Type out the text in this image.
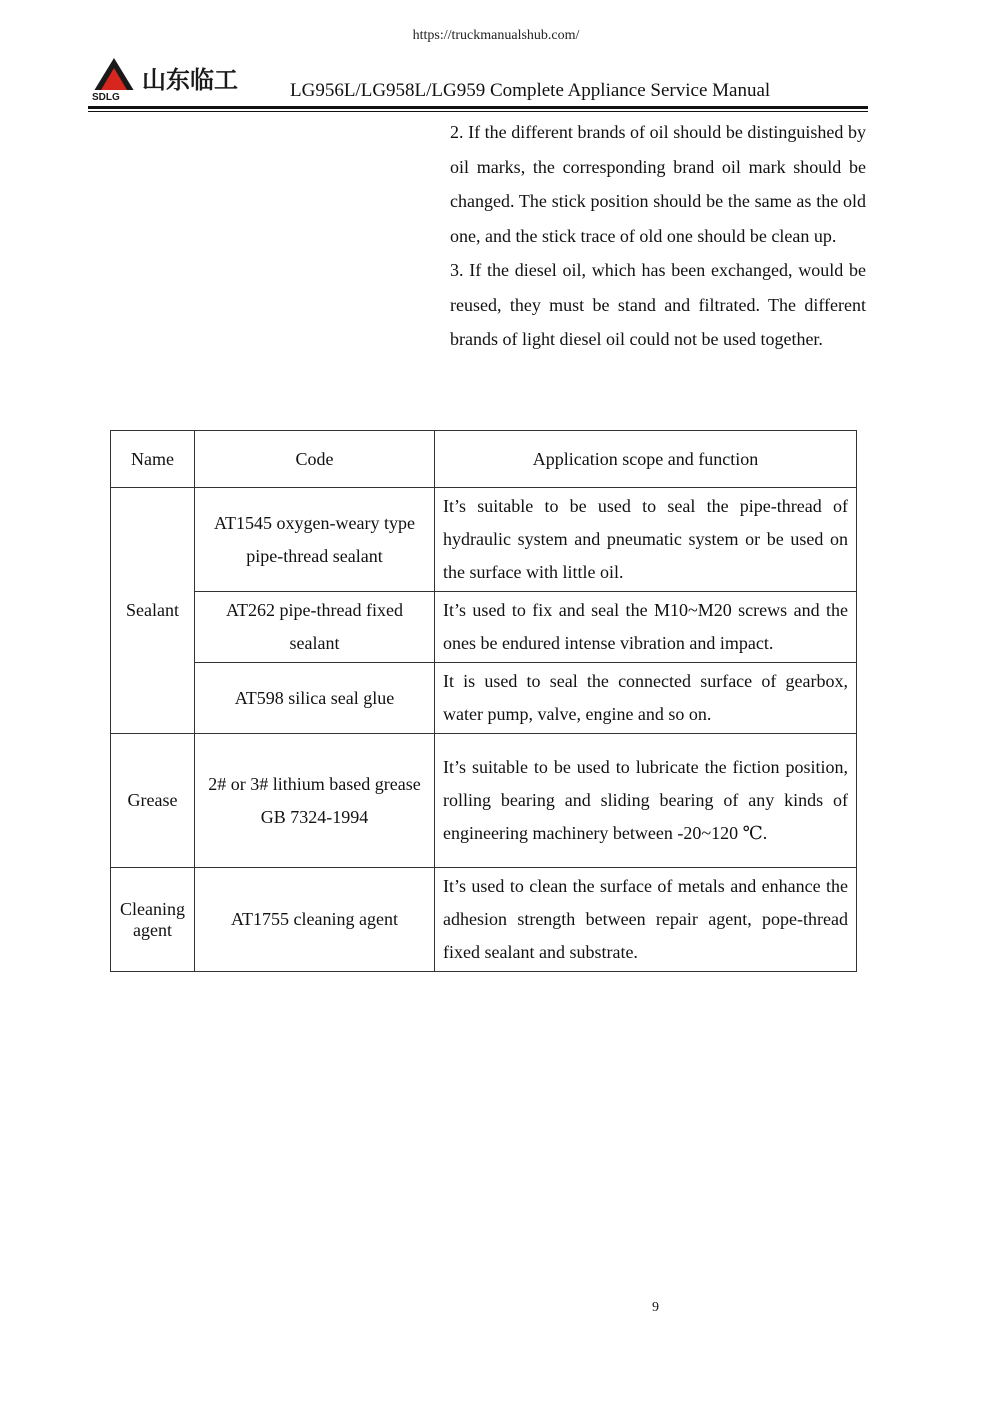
https://truckmanualshub.com/
SDLG
山东临工	LG956L/LG958L/LG959 Complete Appliance Service Manual

2. If the different brands of oil should be distinguished by oil marks, the corresponding brand oil mark should be changed. The stick position should be the same as the old one, and the stick trace of old one should be clean up.

3. If the diesel oil, which has been exchanged, would be reused, they must be stand and filtrated. The different brands of light diesel oil could not be used together.

Name	Code	Application scope and function
Sealant	AT1545 oxygen-weary type pipe-thread sealant	It’s suitable to be used to seal the pipe-thread of hydraulic system and pneumatic system or be used on the surface with little oil.
	AT262 pipe-thread fixed sealant	It’s used to fix and seal the M10~M20 screws and the ones be endured intense vibration and impact.
	AT598 silica seal glue	It is used to seal the connected surface of gearbox, water pump, valve, engine and so on.
Grease	2# or 3# lithium based grease GB 7324-1994	It’s suitable to be used to lubricate the fiction position, rolling bearing and sliding bearing of any kinds of engineering machinery between -20~120 ℃.
Cleaning agent	AT1755 cleaning agent	It’s used to clean the surface of metals and enhance the adhesion strength between repair agent, pope-thread fixed sealant and substrate.
9
